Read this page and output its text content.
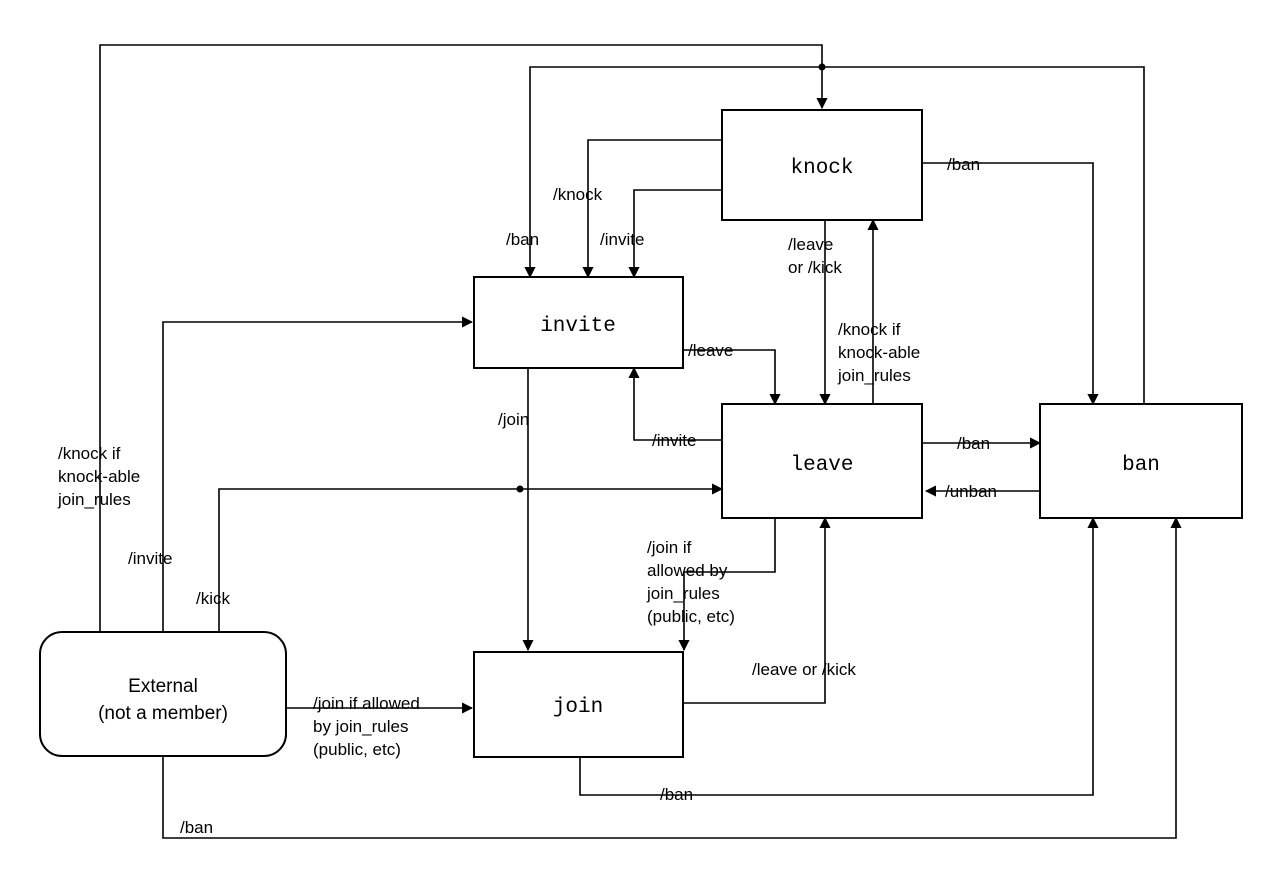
External
(not a member)
invite
knock
join
leave	ban
/knock if
knock-able
join_rules
/invite
/kick
/join if allowed
by join_rules
(public, etc)
/ban
/ban
/knock
/invite
/join
/leave
/invite
/leave
or /kick
/knock if
knock-able
join_rules
/ban
/ban
/unban
/join if
allowed by
join_rules
(public, etc)
/leave or /kick
/ban
